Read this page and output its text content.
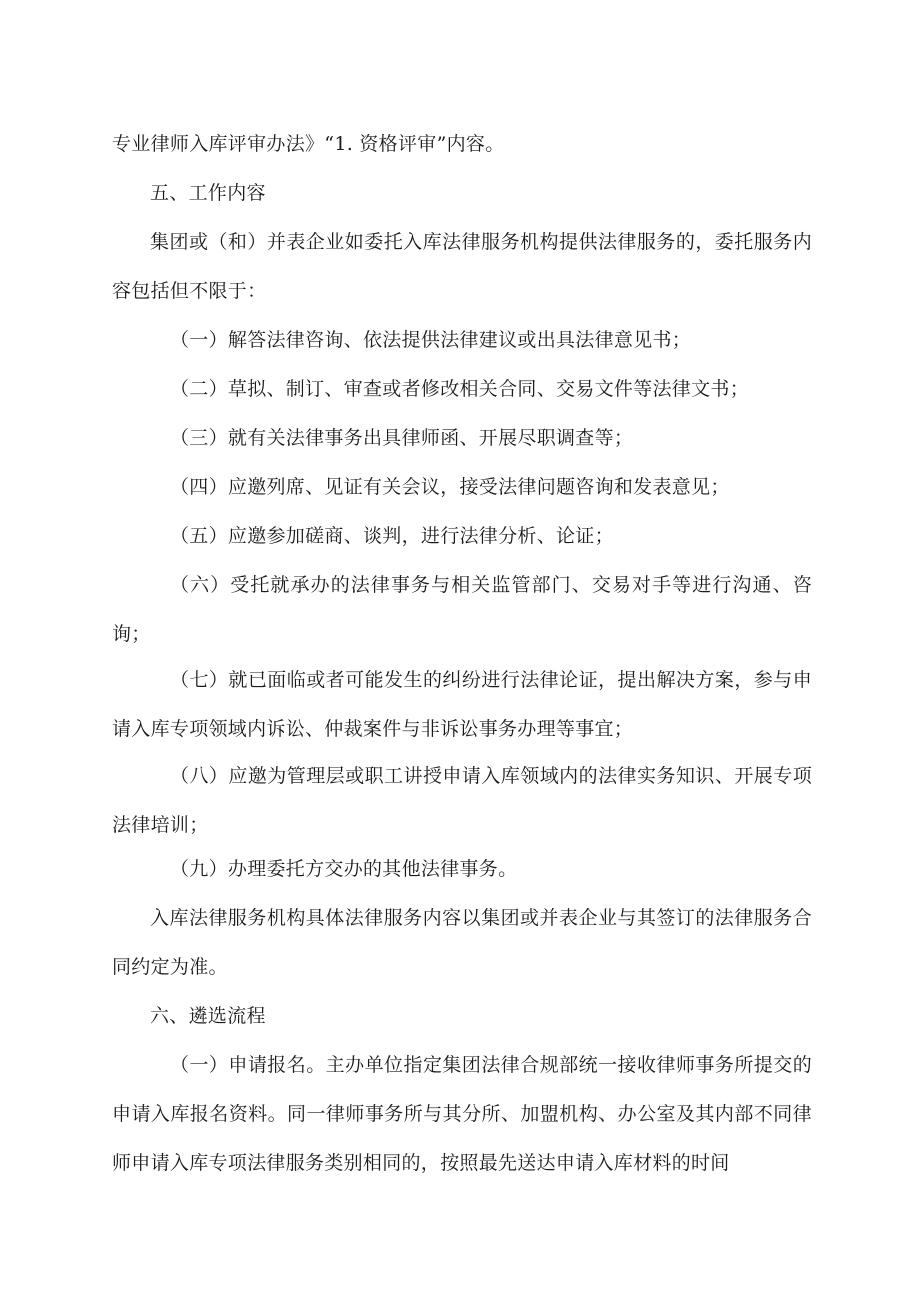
专业律师入库评审办法》“1. 资格评审”内容。

五、工作内容

集团或（和）并表企业如委托入库法律服务机构提供法律服务的，委托服务内容包括但不限于：

（一）解答法律咨询、依法提供法律建议或出具法律意见书；

（二）草拟、制订、审查或者修改相关合同、交易文件等法律文书；

（三）就有关法律事务出具律师函、开展尽职调查等；

（四）应邀列席、见证有关会议，接受法律问题咨询和发表意见；

（五）应邀参加磋商、谈判，进行法律分析、论证；

（六）受托就承办的法律事务与相关监管部门、交易对手等进行沟通、咨询；

（七）就已面临或者可能发生的纠纷进行法律论证，提出解决方案，参与申请入库专项领域内诉讼、仲裁案件与非诉讼事务办理等事宜；

（八）应邀为管理层或职工讲授申请入库领域内的法律实务知识、开展专项法律培训；

（九）办理委托方交办的其他法律事务。

入库法律服务机构具体法律服务内容以集团或并表企业与其签订的法律服务合同约定为准。

六、遴选流程

（一）申请报名。主办单位指定集团法律合规部统一接收律师事务所提交的申请入库报名资料。同一律师事务所与其分所、加盟机构、办公室及其内部不同律师申请入库专项法律服务类别相同的，按照最先送达申请入库材料的时间
